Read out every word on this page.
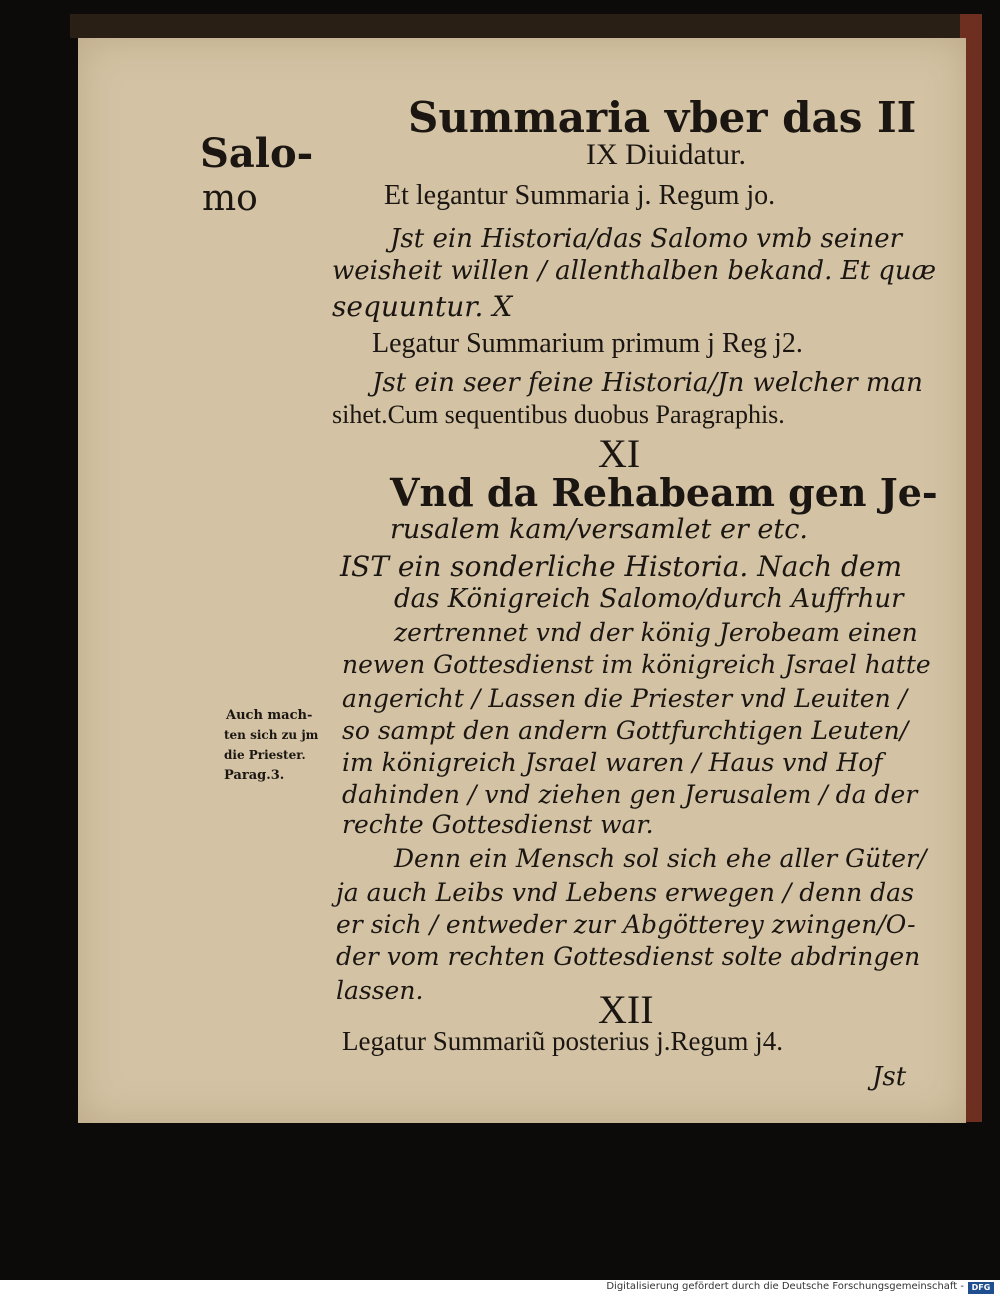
Summaria vber das II
Salo-
mo
IX Diuidatur.
Et legantur Summaria j. Regum jo.
Jst ein Historia/das Salomo vmb seiner
weisheit willen / allenthalben bekand. Et quæ
sequuntur. X
Legatur Summarium primum j Reg j2.
Jst ein seer feine Historia/Jn welcher man
sihet.Cum sequentibus duobus Paragraphis.
XI
Vnd da Rehabeam gen Je-
rusalem kam/versamlet er etc.
IST ein sonderliche Historia. Nach dem
das Königreich Salomo/durch Auffrhur
zertrennet vnd der könig Jerobeam einen
newen Gottesdienst im königreich Jsrael hatte
angericht / Lassen die Priester vnd Leuiten /
so sampt den andern Gottfurchtigen Leuten/
im königreich Jsrael waren / Haus vnd Hof
dahinden / vnd ziehen gen Jerusalem / da der
rechte Gottesdienst war.
Denn ein Mensch sol sich ehe aller Güter/
ja auch Leibs vnd Lebens erwegen / denn das
er sich / entweder zur Abgötterey zwingen/O-
der vom rechten Gottesdienst solte abdringen
lassen.	XII
Legatur Summariũ posterius j.Regum j4.
Jst
Auch mach-
ten sich zu jm
die Priester.
Parag.3.
Digitalisierung gefördert durch die Deutsche Forschungsgemeinschaft - DFG
